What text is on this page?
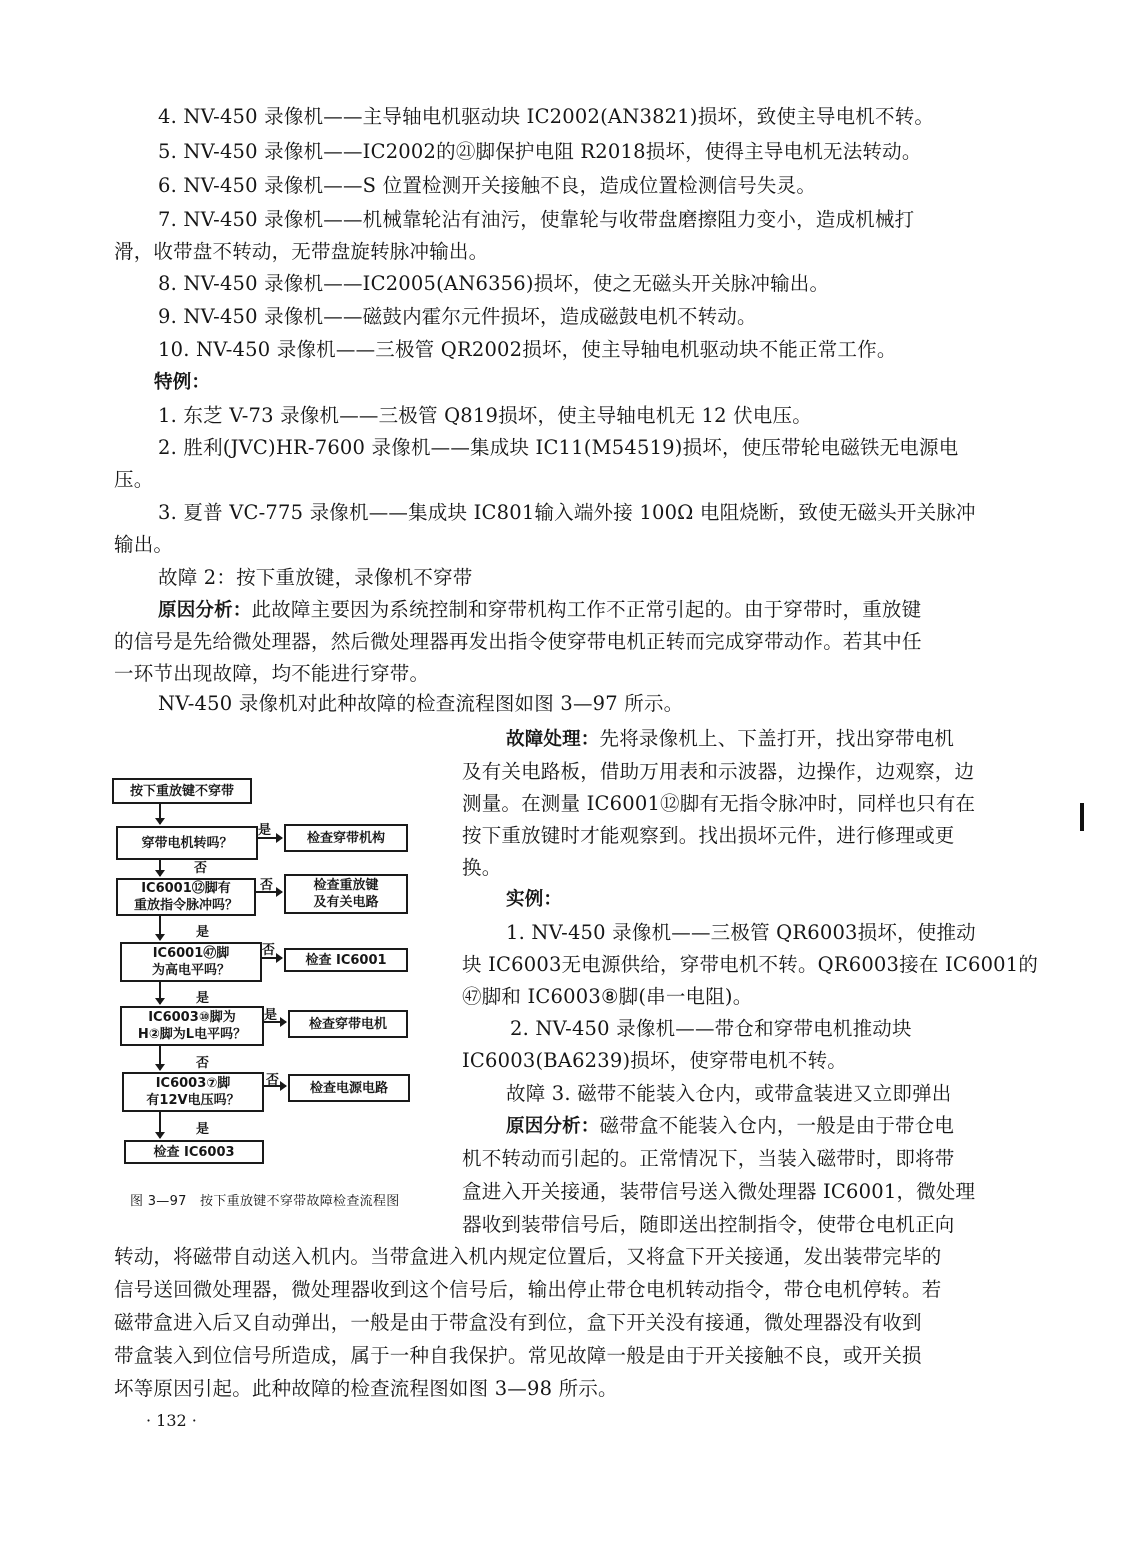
4. NV-450 录像机——主导轴电机驱动块 IC2002(AN3821)损坏，致使主导电机不转。
5. NV-450 录像机——IC2002的㉑脚保护电阻 R2018损坏，使得主导电机无法转动。
6. NV-450 录像机——S 位置检测开关接触不良，造成位置检测信号失灵。
7. NV-450 录像机——机械靠轮沾有油污，使靠轮与收带盘磨擦阻力变小，造成机械打
滑，收带盘不转动，无带盘旋转脉冲输出。
8. NV-450 录像机——IC2005(AN6356)损坏，使之无磁头开关脉冲输出。
9. NV-450 录像机——磁鼓内霍尔元件损坏，造成磁鼓电机不转动。
10. NV-450 录像机——三极管 QR2002损坏，使主导轴电机驱动块不能正常工作。
特例：
1. 东芝 V-73 录像机——三极管 Q819损坏，使主导轴电机无 12 伏电压。
2. 胜利(JVC)HR-7600 录像机——集成块 IC11(M54519)损坏，使压带轮电磁铁无电源电
压。
3. 夏普 VC-775 录像机——集成块 IC801输入端外接 100Ω 电阻烧断，致使无磁头开关脉冲
输出。
故障 2：按下重放键，录像机不穿带
原因分析：此故障主要因为系统控制和穿带机构工作不正常引起的。由于穿带时，重放键
的信号是先给微处理器，然后微处理器再发出指令使穿带电机正转而完成穿带动作。若其中任
一环节出现故障，均不能进行穿带。
NV-450 录像机对此种故障的检查流程图如图 3—97 所示。
故障处理：先将录像机上、下盖打开，找出穿带电机
及有关电路板，借助万用表和示波器，边操作，边观察，边
测量。在测量 IC6001⑫脚有无指令脉冲时，同样也只有在
按下重放键时才能观察到。找出损坏元件，进行修理或更
换。
实例：
1. NV-450 录像机——三极管 QR6003损坏，使推动
块 IC6003无电源供给，穿带电机不转。QR6003接在 IC6001的
㊼脚和 IC6003⑧脚(串一电阻)。
2. NV-450 录像机——带仓和穿带电机推动块
IC6003(BA6239)损坏，使穿带电机不转。
故障 3. 磁带不能装入仓内，或带盒装进又立即弹出
原因分析：磁带盒不能装入仓内，一般是由于带仓电
机不转动而引起的。正常情况下，当装入磁带时，即将带
盒进入开关接通，装带信号送入微处理器 IC6001，微处理
器收到装带信号后，随即送出控制指令，使带仓电机正向
转动，将磁带自动送入机内。当带盒进入机内规定位置后，又将盒下开关接通，发出装带完毕的
信号送回微处理器，微处理器收到这个信号后，输出停止带仓电机转动指令，带仓电机停转。若
磁带盒进入后又自动弹出，一般是由于带盒没有到位，盒下开关没有接通，微处理器没有收到
带盒装入到位信号所造成，属于一种自我保护。常见故障一般是由于开关接触不良，或开关损
坏等原因引起。此种故障的检查流程图如图 3—98 所示。
按下重放键不穿带
穿带电机转吗？
是	检查穿带机构
否
IC6001⑫脚有
重放指令脉冲吗？
否	检查重放键
及有关电路
是
IC6001㊼脚
为高电平吗？
否
检查 IC6001
是
IC6003⑩脚为
H②脚为L电平吗？
是
检查穿带电机
否
IC6003⑦脚
有12V电压吗？
否 检查电源电路
是
检查 IC6003
图 3—97　按下重放键不穿带故障检查流程图
· 132 ·
